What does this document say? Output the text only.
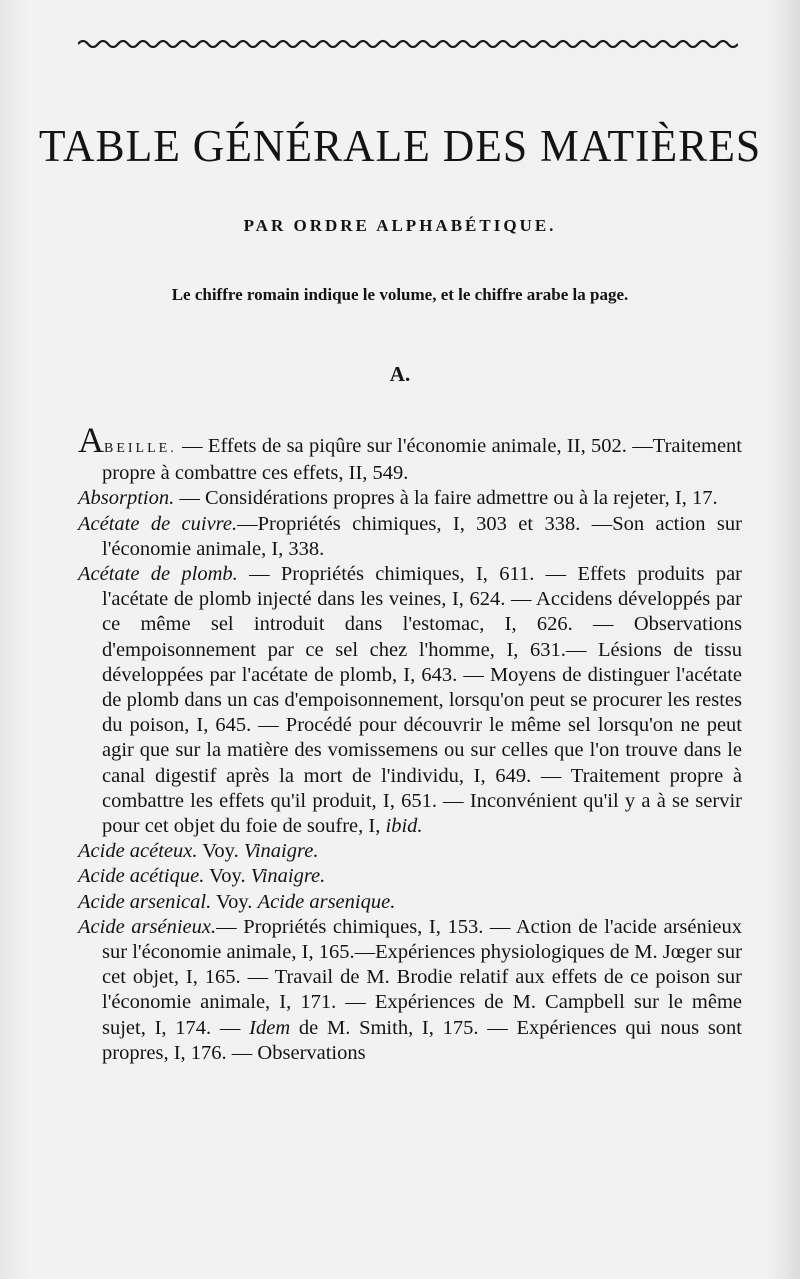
TABLE GÉNÉRALE DES MATIÈRES
PAR ORDRE ALPHABÉTIQUE.
Le chiffre romain indique le volume, et le chiffre arabe la page.
A.
ABEILLE. — Effets de sa piqûre sur l'économie animale, II, 502. —Traitement propre à combattre ces effets, II, 549.
Absorption. — Considérations propres à la faire admettre ou à la rejeter, I, 17.
Acétate de cuivre.—Propriétés chimiques, I, 303 et 338. —Son action sur l'économie animale, I, 338.
Acétate de plomb. — Propriétés chimiques, I, 611. — Effets produits par l'acétate de plomb injecté dans les veines, I, 624. — Accidens développés par ce même sel introduit dans l'estomac, I, 626. — Observations d'empoisonnement par ce sel chez l'homme, I, 631.— Lésions de tissu développées par l'acétate de plomb, I, 643. — Moyens de distinguer l'acétate de plomb dans un cas d'empoisonnement, lorsqu'on peut se procurer les restes du poison, I, 645. — Procédé pour découvrir le même sel lorsqu'on ne peut agir que sur la matière des vomissemens ou sur celles que l'on trouve dans le canal digestif après la mort de l'individu, I, 649. — Traitement propre à combattre les effets qu'il produit, I, 651. — Inconvénient qu'il y a à se servir pour cet objet du foie de soufre, I, ibid.
Acide acéteux. Voy. Vinaigre.
Acide acétique. Voy. Vinaigre.
Acide arsenical. Voy. Acide arsenique.
Acide arsénieux.— Propriétés chimiques, I, 153. — Action de l'acide arsénieux sur l'économie animale, I, 165.—Expériences physiologiques de M. Jœger sur cet objet, I, 165. — Travail de M. Brodie relatif aux effets de ce poison sur l'économie animale, I, 171. — Expériences de M. Campbell sur le même sujet, I, 174. — Idem de M. Smith, I, 175. — Expériences qui nous sont propres, I, 176. — Observations
